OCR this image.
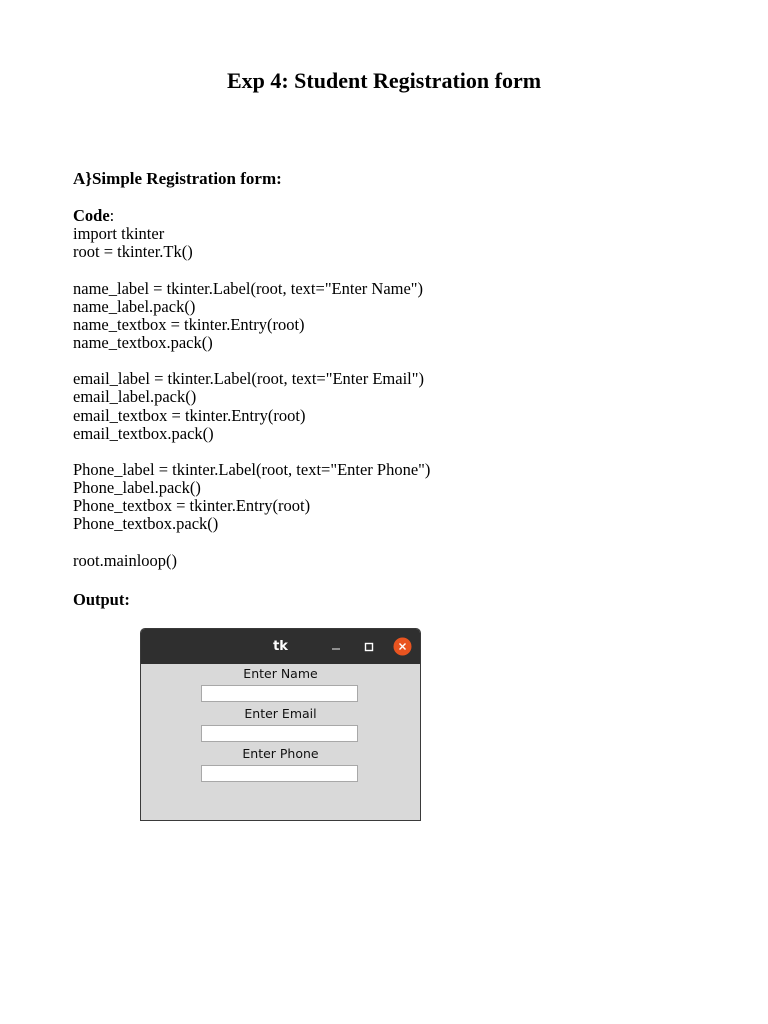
Exp 4: Student Registration form
A}Simple Registration form:
Code:
import tkinter
root = tkinter.Tk()
name_label = tkinter.Label(root, text="Enter Name")
name_label.pack()
name_textbox = tkinter.Entry(root)
name_textbox.pack()
email_label = tkinter.Label(root, text="Enter Email")
email_label.pack()
email_textbox = tkinter.Entry(root)
email_textbox.pack()
Phone_label = tkinter.Label(root, text="Enter Phone")
Phone_label.pack()
Phone_textbox = tkinter.Entry(root)
Phone_textbox.pack()
root.mainloop()
Output:
tk
Enter Name
Enter Email
Enter Phone
